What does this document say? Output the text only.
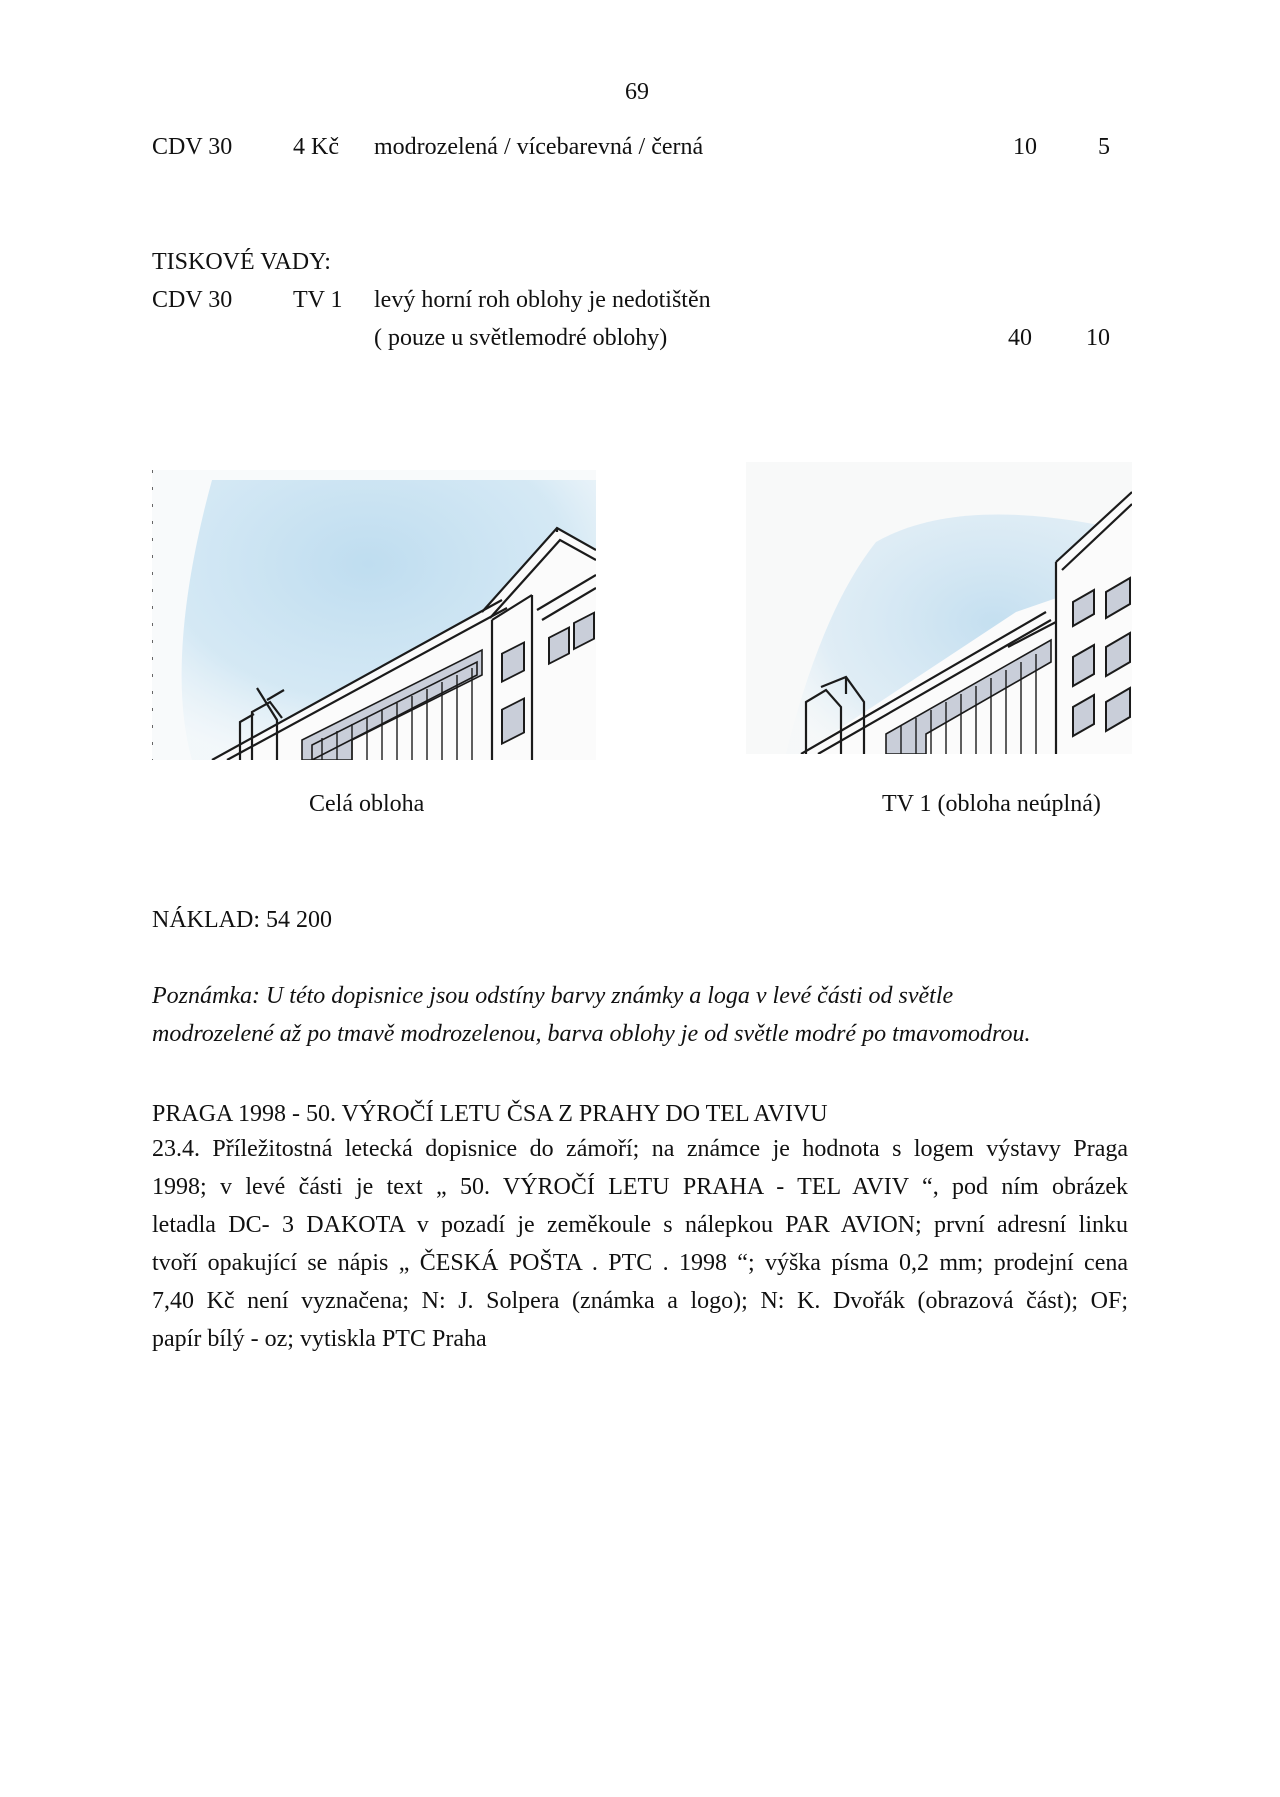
69
CDV 30	4 Kč modrozelená / vícebarevná / černá	10	5
TISKOVÉ VADY:
CDV 30	TV 1 levý horní roh oblohy je nedotištěn
( pouze u světlemodré oblohy)	40 10
Celá obloha	TV 1 (obloha neúplná)
NÁKLAD: 54 200
Poznámka: U této dopisnice jsou odstíny barvy známky a loga v levé části od světle
modrozelené až po tmavě modrozelenou, barva oblohy je od světle modré po tmavomodrou.
PRAGA 1998 - 50. VÝROČÍ LETU ČSA Z PRAHY DO TEL AVIVU
23.4. Příležitostná letecká dopisnice do zámoří; na známce je hodnota s logem výstavy Praga
1998; v levé části je text „ 50. VÝROČÍ LETU PRAHA - TEL AVIV “, pod ním obrázek
letadla DC- 3 DAKOTA v pozadí je zeměkoule s nálepkou PAR AVION; první adresní linku
tvoří opakující se nápis „ ČESKÁ POŠTA . PTC . 1998 “; výška písma 0,2 mm; prodejní cena
7,40 Kč není vyznačena; N: J. Solpera (známka a logo); N: K. Dvořák (obrazová část); OF;
papír bílý - oz; vytiskla PTC Praha
